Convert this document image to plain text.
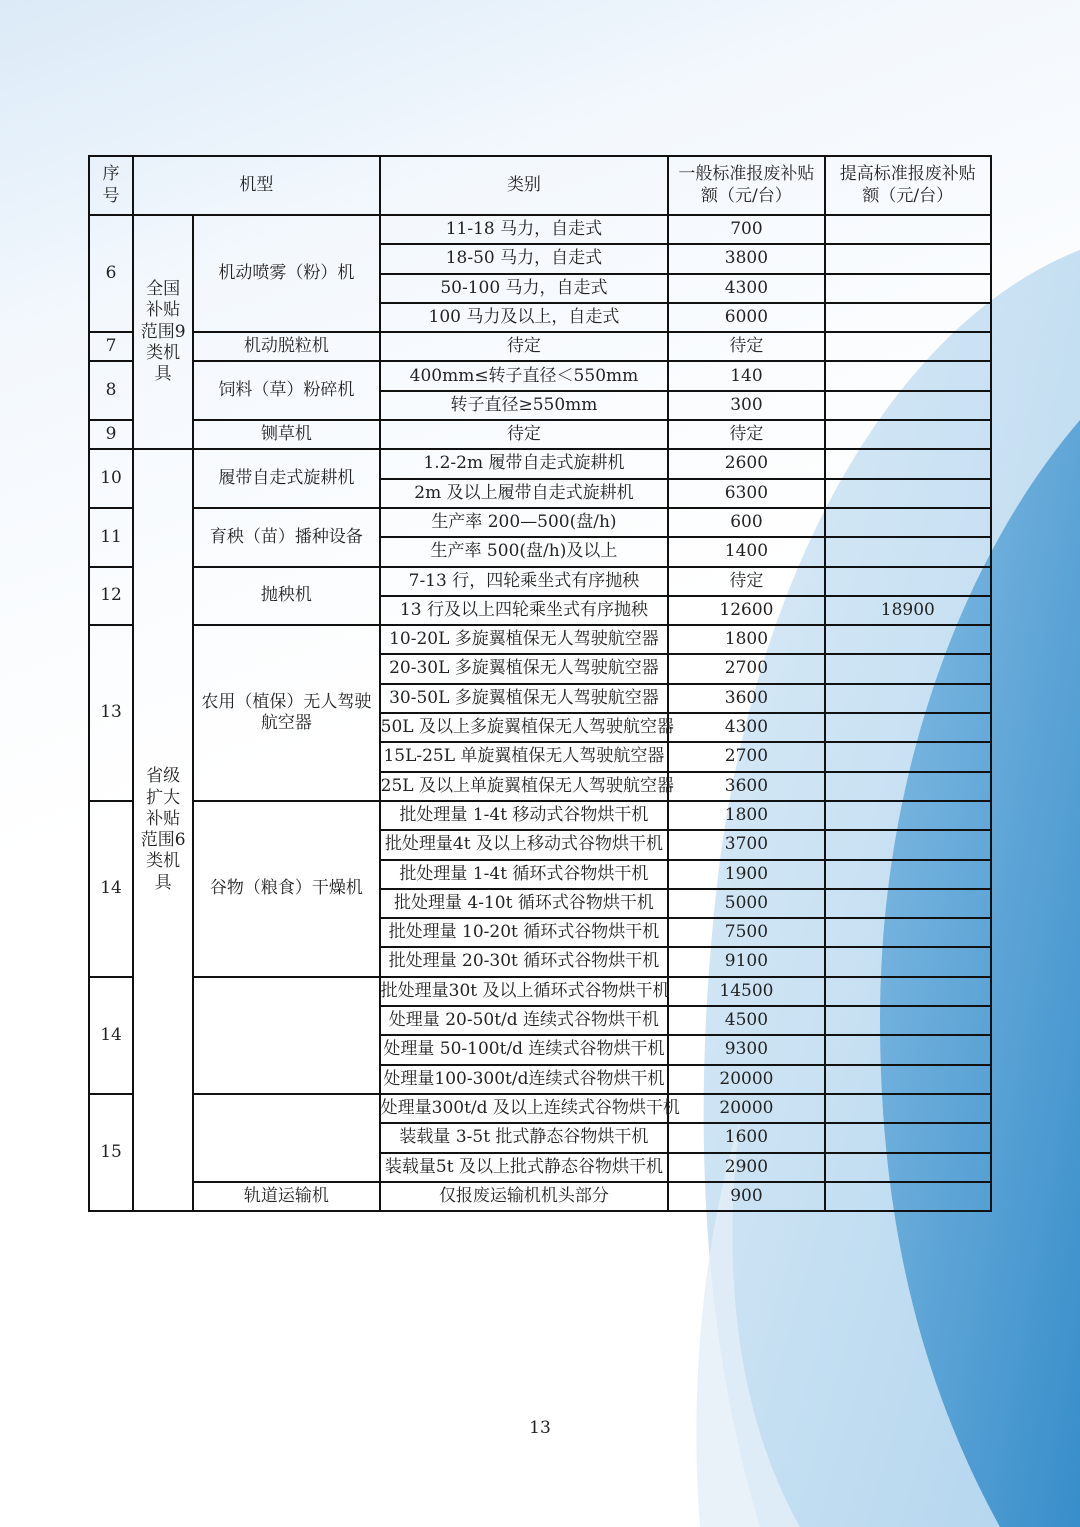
序号	机型		类别	一般标准报废补贴额（元/台）	提高标准报废补贴额（元/台）
6	全国补贴范围9类机具	机动喷雾（粉）机	11-18 马力，自走式	700	
			18-50 马力，自走式	3800	
			50-100 马力，自走式	4300	
			100 马力及以上，自走式	6000	
7		机动脱粒机	待定	待定	
8		饲料（草）粉碎机	400mm≤转子直径＜550mm	140	
			转子直径≥550mm	300	
9		铡草机	待定	待定	
10	省级扩大补贴范围6类机具	履带自走式旋耕机	1.2-2m 履带自走式旋耕机	2600	
			2m 及以上履带自走式旋耕机	6300	
11		育秧（苗）播种设备	生产率 200—500(盘/h)	600	
			生产率 500(盘/h)及以上	1400	
12		抛秧机	7-13 行，四轮乘坐式有序抛秧	待定	
			13 行及以上四轮乘坐式有序抛秧	12600	18900
13		农用（植保）无人驾驶航空器	10-20L 多旋翼植保无人驾驶航空器	1800	
			20-30L 多旋翼植保无人驾驶航空器	2700	
			30-50L 多旋翼植保无人驾驶航空器	3600	
			50L 及以上多旋翼植保无人驾驶航空器	4300	
			15L-25L 单旋翼植保无人驾驶航空器	2700	
			25L 及以上单旋翼植保无人驾驶航空器	3600	
14		谷物（粮食）干燥机	批处理量 1-4t 移动式谷物烘干机	1800	
			批处理量4t 及以上移动式谷物烘干机	3700	
			批处理量 1-4t 循环式谷物烘干机	1900	
			批处理量 4-10t 循环式谷物烘干机	5000	
			批处理量 10-20t 循环式谷物烘干机	7500	
			批处理量 20-30t 循环式谷物烘干机	9100	
14			批处理量30t 及以上循环式谷物烘干机	14500	
			处理量 20-50t/d 连续式谷物烘干机	4500	
			处理量 50-100t/d 连续式谷物烘干机	9300	
			处理量100-300t/d连续式谷物烘干机	20000	
15			处理量300t/d 及以上连续式谷物烘干机	20000	
			装载量 3-5t 批式静态谷物烘干机	1600	
			装载量5t 及以上批式静态谷物烘干机	2900	
		轨道运输机	仅报废运输机机头部分	900	
13
